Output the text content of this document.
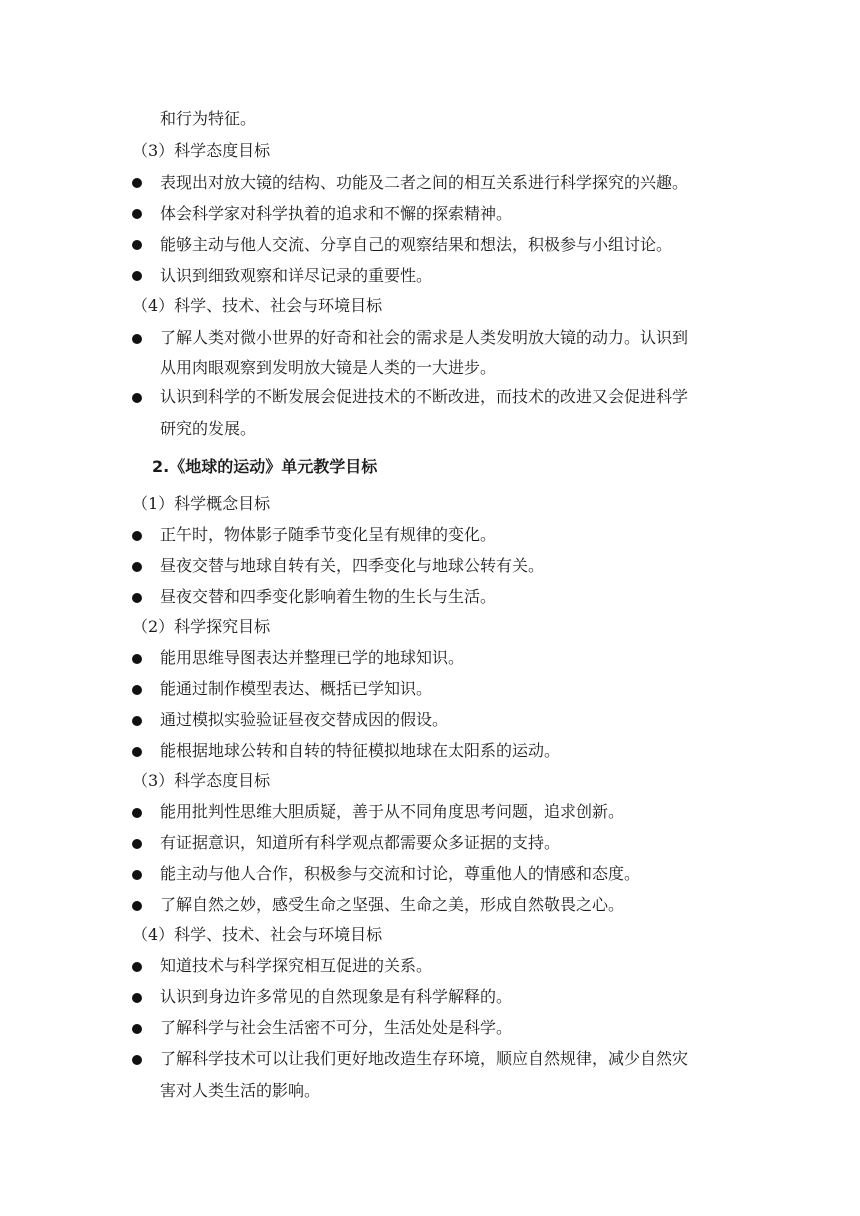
和行为特征。
（3）科学态度目标
表现出对放大镜的结构、功能及二者之间的相互关系进行科学探究的兴趣。
体会科学家对科学执着的追求和不懈的探索精神。
能够主动与他人交流、分享自己的观察结果和想法，积极参与小组讨论。
认识到细致观察和详尽记录的重要性。
（4）科学、技术、社会与环境目标
了解人类对微小世界的好奇和社会的需求是人类发明放大镜的动力。认识到
从用肉眼观察到发明放大镜是人类的一大进步。
认识到科学的不断发展会促进技术的不断改进，而技术的改进又会促进科学
研究的发展。
2.《地球的运动》单元教学目标
（1）科学概念目标
正午时，物体影子随季节变化呈有规律的变化。
昼夜交替与地球自转有关，四季变化与地球公转有关。
昼夜交替和四季变化影响着生物的生长与生活。
（2）科学探究目标
能用思维导图表达并整理已学的地球知识。
能通过制作模型表达、概括已学知识。
通过模拟实验验证昼夜交替成因的假设。
能根据地球公转和自转的特征模拟地球在太阳系的运动。
（3）科学态度目标
能用批判性思维大胆质疑，善于从不同角度思考问题，追求创新。
有证据意识，知道所有科学观点都需要众多证据的支持。
能主动与他人合作，积极参与交流和讨论，尊重他人的情感和态度。
了解自然之妙，感受生命之坚强、生命之美，形成自然敬畏之心。
（4）科学、技术、社会与环境目标
知道技术与科学探究相互促进的关系。
认识到身边许多常见的自然现象是有科学解释的。
了解科学与社会生活密不可分，生活处处是科学。
了解科学技术可以让我们更好地改造生存环境，顺应自然规律，减少自然灾
害对人类生活的影响。
